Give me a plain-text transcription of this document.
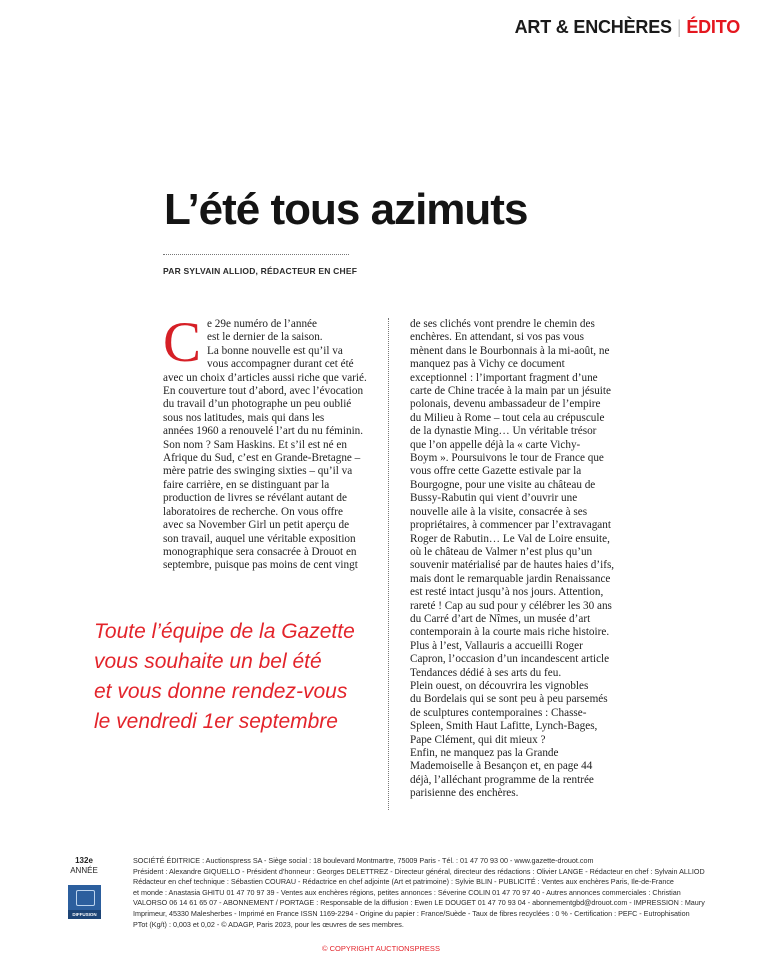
ART & ENCHÈRES | ÉDITO
L’été tous azimuts
PAR SYLVAIN ALLIOD, RÉDACTEUR EN CHEF
C e 29e numéro de l’année

est le dernier de la saison.

La bonne nouvelle est qu’il va

vous accompagner durant cet été

avec un choix d’articles aussi riche que varié.

En couverture tout d’abord, avec l’évocation

du travail d’un photographe un peu oublié

sous nos latitudes, mais qui dans les

années 1960 a renouvelé l’art du nu féminin.

Son nom ? Sam Haskins. Et s’il est né en

Afrique du Sud, c’est en Grande-Bretagne –

mère patrie des swinging sixties – qu’il va

faire carrière, en se distinguant par la

production de livres se révélant autant de

laboratoires de recherche. On vous offre

avec sa November Girl un petit aperçu de

son travail, auquel une véritable exposition

monographique sera consacrée à Drouot en

septembre, puisque pas moins de cent vingt

de ses clichés vont prendre le chemin des

enchères. En attendant, si vos pas vous

mènent dans le Bourbonnais à la mi-août, ne

manquez pas à Vichy ce document

exceptionnel : l’important fragment d’une

carte de Chine tracée à la main par un jésuite

polonais, devenu ambassadeur de l’empire

du Milieu à Rome – tout cela au crépuscule

de la dynastie Ming… Un véritable trésor

que l’on appelle déjà la « carte Vichy-

Boym ». Poursuivons le tour de France que

vous offre cette Gazette estivale par la

Bourgogne, pour une visite au château de

Bussy-Rabutin qui vient d’ouvrir une

nouvelle aile à la visite, consacrée à ses

propriétaires, à commencer par l’extravagant

Roger de Rabutin… Le Val de Loire ensuite,

où le château de Valmer n’est plus qu’un

souvenir matérialisé par de hautes haies d’ifs,

mais dont le remarquable jardin Renaissance

est resté intact jusqu’à nos jours. Attention,

rareté ! Cap au sud pour y célébrer les 30 ans

du Carré d’art de Nîmes, un musée d’art

contemporain à la courte mais riche histoire.

Plus à l’est, Vallauris a accueilli Roger

Capron, l’occasion d’un incandescent article

Tendances dédié à ses arts du feu.

Plein ouest, on découvrira les vignobles

du Bordelais qui se sont peu à peu parsemés

de sculptures contemporaines : Chasse-

Spleen, Smith Haut Lafitte, Lynch-Bages,

Pape Clément, qui dit mieux ?

Enfin, ne manquez pas la Grande

Mademoiselle à Besançon et, en page 44

déjà, l’alléchant programme de la rentrée

parisienne des enchères.

Toute l’équipe de la Gazette
vous souhaite un bel été
et vous donne rendez-vous
le vendredi 1er septembre
132e
ANNÉE
DIFFUSION
SOCIÉTÉ ÉDITRICE : Auctionspress SA - Siège social : 18 boulevard Montmartre, 75009 Paris - Tél. : 01 47 70 93 00 - www.gazette-drouot.com
Président : Alexandre GIQUELLO - Président d’honneur : Georges DELETTREZ - Directeur général, directeur des rédactions : Olivier LANGE - Rédacteur en chef : Sylvain ALLIOD
Rédacteur en chef technique : Sébastien COURAU - Rédactrice en chef adjointe (Art et patrimoine) : Sylvie BLIN - PUBLICITÉ : Ventes aux enchères Paris, Ile-de-France
et monde : Anastasia GHITU 01 47 70 97 39 - Ventes aux enchères régions, petites annonces : Séverine COLIN 01 47 70 97 40 - Autres annonces commerciales : Christian
VALORSO 06 14 61 65 07 - ABONNEMENT / PORTAGE : Responsable de la diffusion : Ewen LE DOUGET 01 47 70 93 04 - abonnementgbd@drouot.com - IMPRESSION : Maury
Imprimeur, 45330 Malesherbes - Imprimé en France ISSN 1169-2294 - Origine du papier : France/Suède - Taux de fibres recyclées : 0 % - Certification : PEFC - Eutrophisation
PTot (Kg/t) : 0,003 et 0,02 - © ADAGP, Paris 2023, pour les œuvres de ses membres.
© COPYRIGHT AUCTIONSPRESS
